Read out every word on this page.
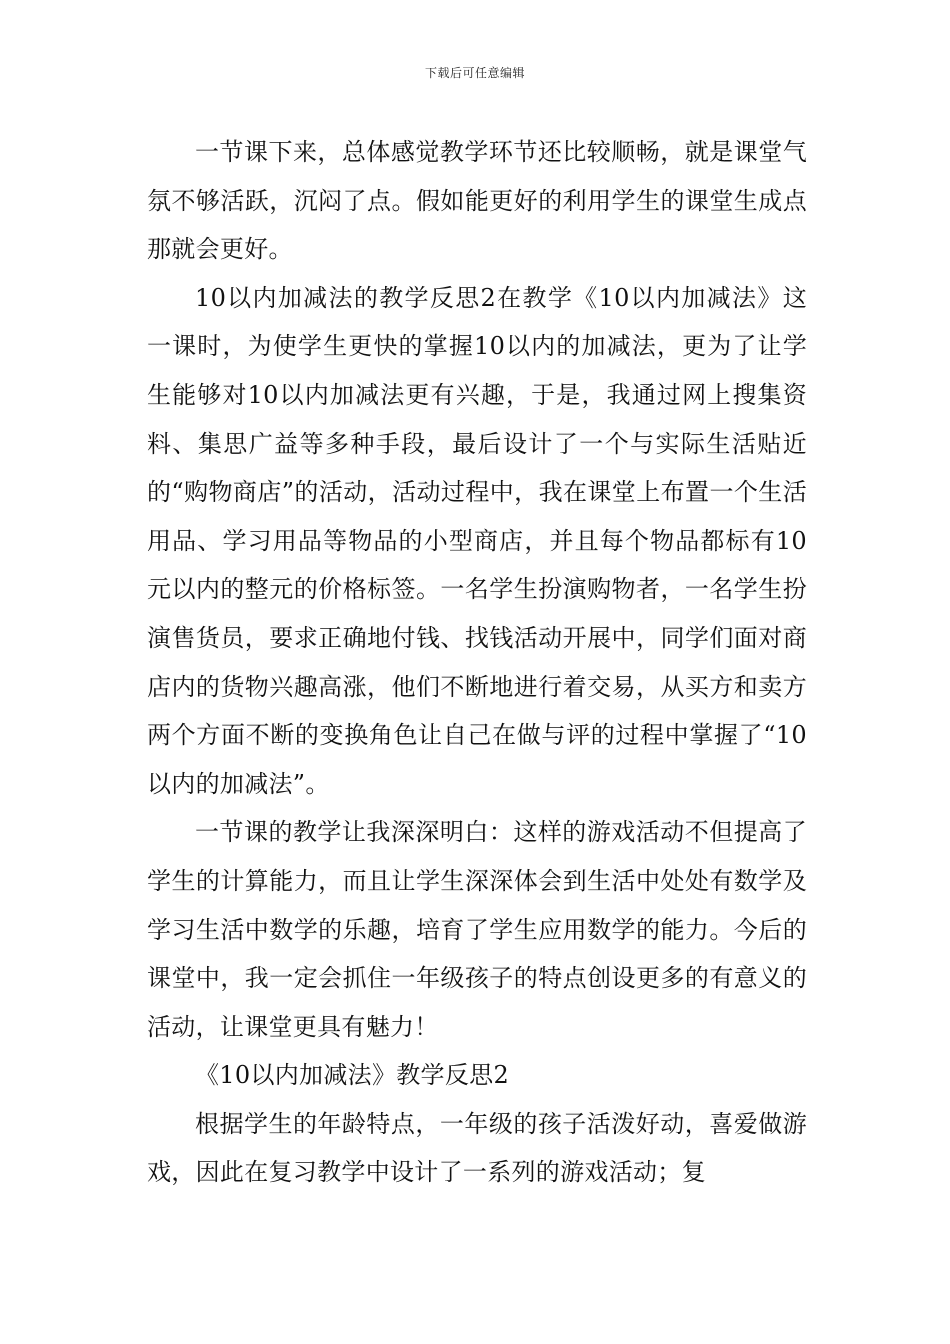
下载后可任意编辑

一节课下来，总体感觉教学环节还比较顺畅，就是课堂气氛不够活跃，沉闷了点。假如能更好的利用学生的课堂生成点那就会更好。

10以内加减法的教学反思2在教学《10以内加减法》这一课时，为使学生更快的掌握10以内的加减法，更为了让学生能够对10以内加减法更有兴趣，于是，我通过网上搜集资料、集思广益等多种手段，最后设计了一个与实际生活贴近的“购物商店”的活动，活动过程中，我在课堂上布置一个生活用品、学习用品等物品的小型商店，并且每个物品都标有10元以内的整元的价格标签。一名学生扮演购物者，一名学生扮演售货员，要求正确地付钱、找钱活动开展中，同学们面对商店内的货物兴趣高涨，他们不断地进行着交易，从买方和卖方两个方面不断的变换角色让自己在做与评的过程中掌握了“10以内的加减法”。

一节课的教学让我深深明白：这样的游戏活动不但提高了学生的计算能力，而且让学生深深体会到生活中处处有数学及学习生活中数学的乐趣，培育了学生应用数学的能力。今后的课堂中，我一定会抓住一年级孩子的特点创设更多的有意义的活动，让课堂更具有魅力！

《10以内加减法》教学反思2

根据学生的年龄特点，一年级的孩子活泼好动，喜爱做游戏，因此在复习教学中设计了一系列的游戏活动；复
